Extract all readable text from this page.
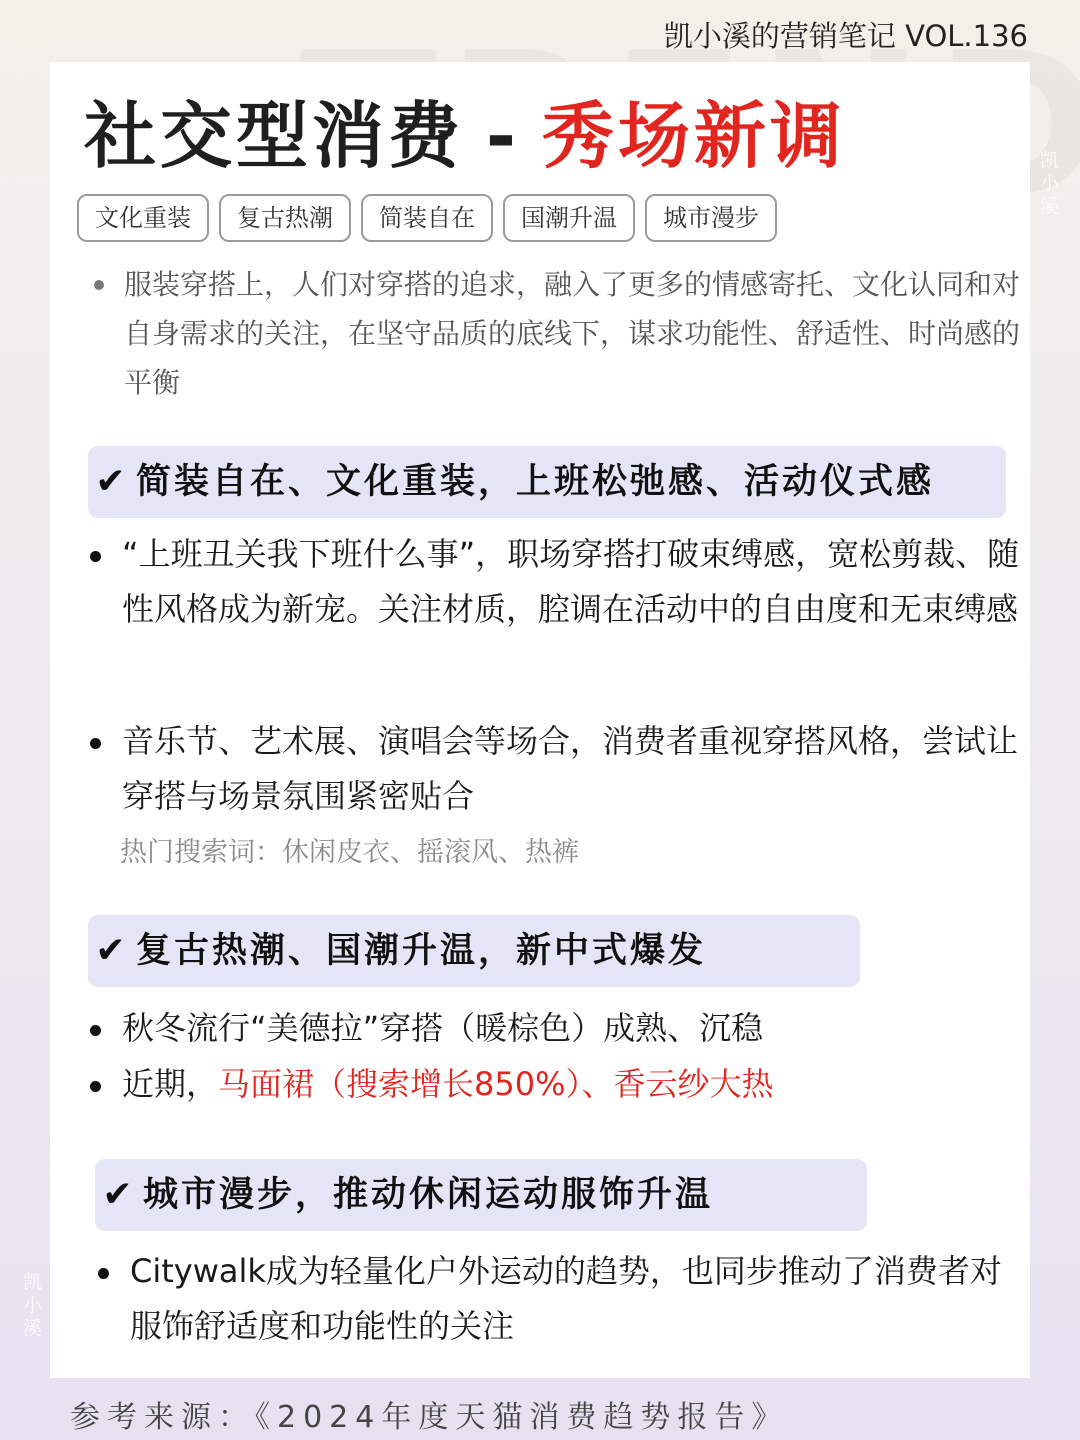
凯小溪的营销笔记 VOL.136
凯小溪
凯小溪
社交型消费 - 秀场新调
文化重装	复古热潮	简装自在	国潮升温	城市漫步
服装穿搭上，人们对穿搭的追求，融入了更多的情感寄托、文化认同和对自身需求的关注，在坚守品质的底线下，谋求功能性、舒适性、时尚感的平衡
✔ 简装自在、文化重装，上班松弛感、活动仪式感
“上班丑关我下班什么事”，职场穿搭打破束缚感，宽松剪裁、随性风格成为新宠。关注材质，腔调在活动中的自由度和无束缚感
音乐节、艺术展、演唱会等场合，消费者重视穿搭风格，尝试让穿搭与场景氛围紧密贴合
热门搜索词：休闲皮衣、摇滚风、热裤
✔ 复古热潮、国潮升温，新中式爆发
秋冬流行“美德拉”穿搭（暖棕色）成熟、沉稳
近期，马面裙（搜索增长850%）、香云纱大热
✔ 城市漫步，推动休闲运动服饰升温
Citywalk成为轻量化户外运动的趋势，也同步推动了消费者对服饰舒适度和功能性的关注
参考来源：《2024年度天猫消费趋势报告》
